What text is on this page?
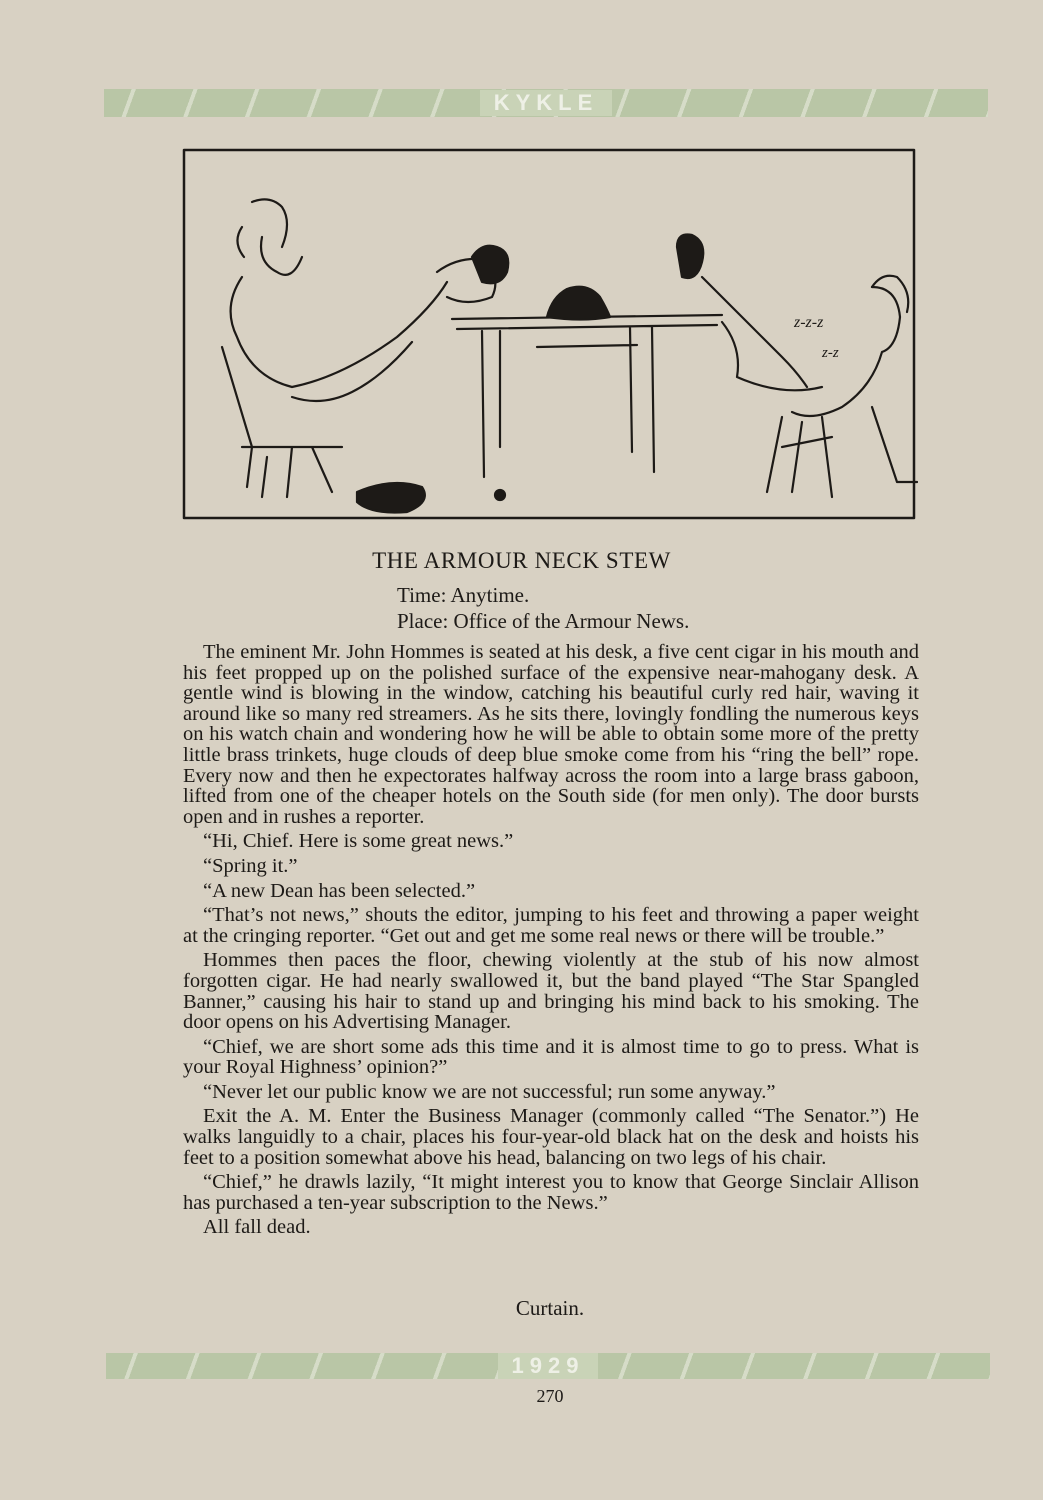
KYKLE
z-z-z
z-z
THE ARMOUR NECK STEW
Time: Anytime.
Place: Office of the Armour News.

The eminent Mr. John Hommes is seated at his desk, a five cent cigar in his mouth and his feet propped up on the polished surface of the expensive near-mahogany desk. A gentle wind is blowing in the window, catching his beautiful curly red hair, waving it around like so many red streamers. As he sits there, lovingly fondling the numerous keys on his watch chain and wondering how he will be able to obtain some more of the pretty little brass trinkets, huge clouds of deep blue smoke come from his “ring the bell” rope. Every now and then he expectorates halfway across the room into a large brass gaboon, lifted from one of the cheaper hotels on the South side (for men only). The door bursts open and in rushes a reporter.

“Hi, Chief. Here is some great news.”

“Spring it.”

“A new Dean has been selected.”

“That’s not news,” shouts the editor, jumping to his feet and throwing a paper weight at the cringing reporter. “Get out and get me some real news or there will be trouble.”

Hommes then paces the floor, chewing violently at the stub of his now almost forgotten cigar. He had nearly swallowed it, but the band played “The Star Spangled Banner,” causing his hair to stand up and bringing his mind back to his smoking. The door opens on his Advertising Manager.

“Chief, we are short some ads this time and it is almost time to go to press. What is your Royal Highness’ opinion?”

“Never let our public know we are not successful; run some anyway.”

Exit the A. M. Enter the Business Manager (commonly called “The Senator.”) He walks languidly to a chair, places his four-year-old black hat on the desk and hoists his feet to a position somewhat above his head, balancing on two legs of his chair.

“Chief,” he drawls lazily, “It might interest you to know that George Sinclair Allison has purchased a ten-year subscription to the News.”

All fall dead.

Curtain.
1929
270
